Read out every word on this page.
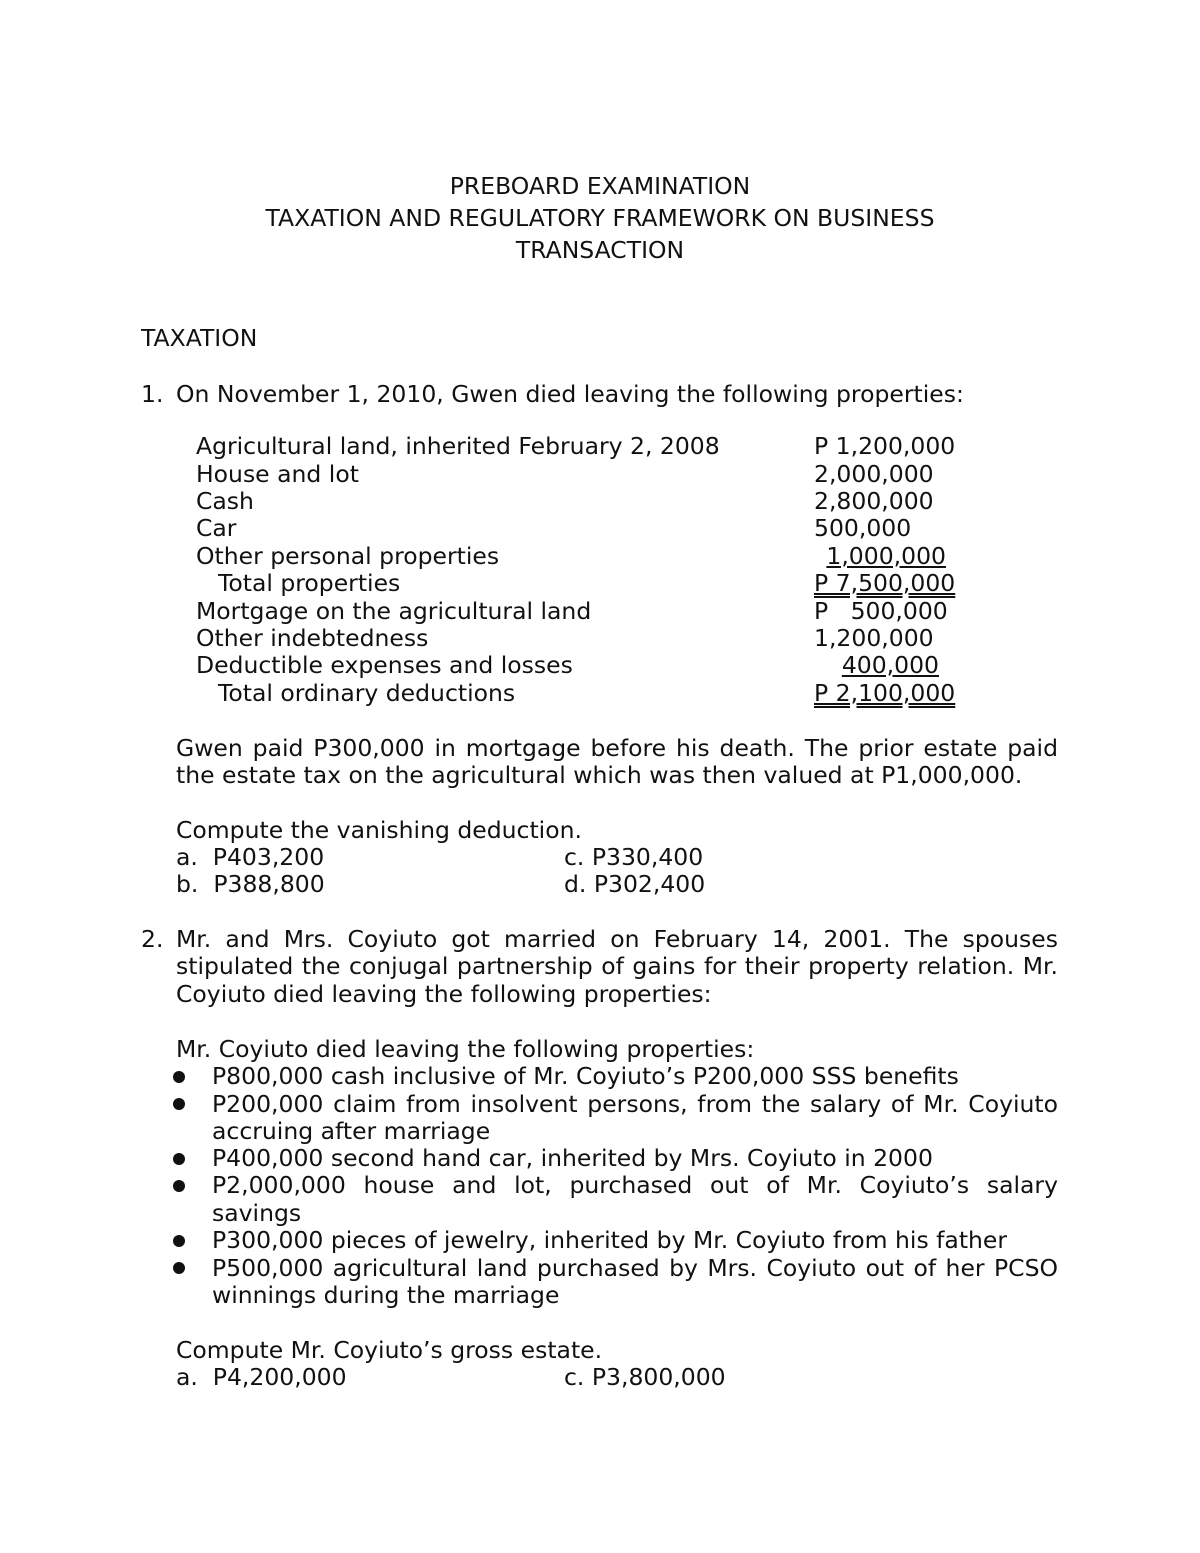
PREBOARD EXAMINATION
TAXATION AND REGULATORY FRAMEWORK ON BUSINESS
TRANSACTION
TAXATION
1. On November 1, 2010, Gwen died leaving the following properties:
Agricultural land, inherited February 2, 2008	P 1,200,000
House and lot	2,000,000
Cash	2,800,000
Car	500,000
Other personal properties	1,000,000
Total properties	P 7,500,000
Mortgage on the agricultural land	P   500,000
Other indebtedness	1,200,000
Deductible expenses and losses	400,000
Total ordinary deductions	P 2,100,000
Gwen paid P300,000 in mortgage before his death. The prior estate paid
the estate tax on the agricultural which was then valued at P1,000,000.
Compute the vanishing deduction.
a.  P403,200	c. P330,400
b.  P388,800	d. P302,400
2. Mr. and Mrs. Coyiuto got married on February 14, 2001. The spouses
stipulated the conjugal partnership of gains for their property relation. Mr.
Coyiuto died leaving the following properties:
Mr. Coyiuto died leaving the following properties:
P800,000 cash inclusive of Mr. Coyiuto’s P200,000 SSS benefits
P200,000 claim from insolvent persons, from the salary of Mr. Coyiuto
accruing after marriage
P400,000 second hand car, inherited by Mrs. Coyiuto in 2000
P2,000,000 house and lot, purchased out of Mr. Coyiuto’s salary
savings
P300,000 pieces of jewelry, inherited by Mr. Coyiuto from his father
P500,000 agricultural land purchased by Mrs. Coyiuto out of her PCSO
winnings during the marriage
Compute Mr. Coyiuto’s gross estate.
a.  P4,200,000	c. P3,800,000
